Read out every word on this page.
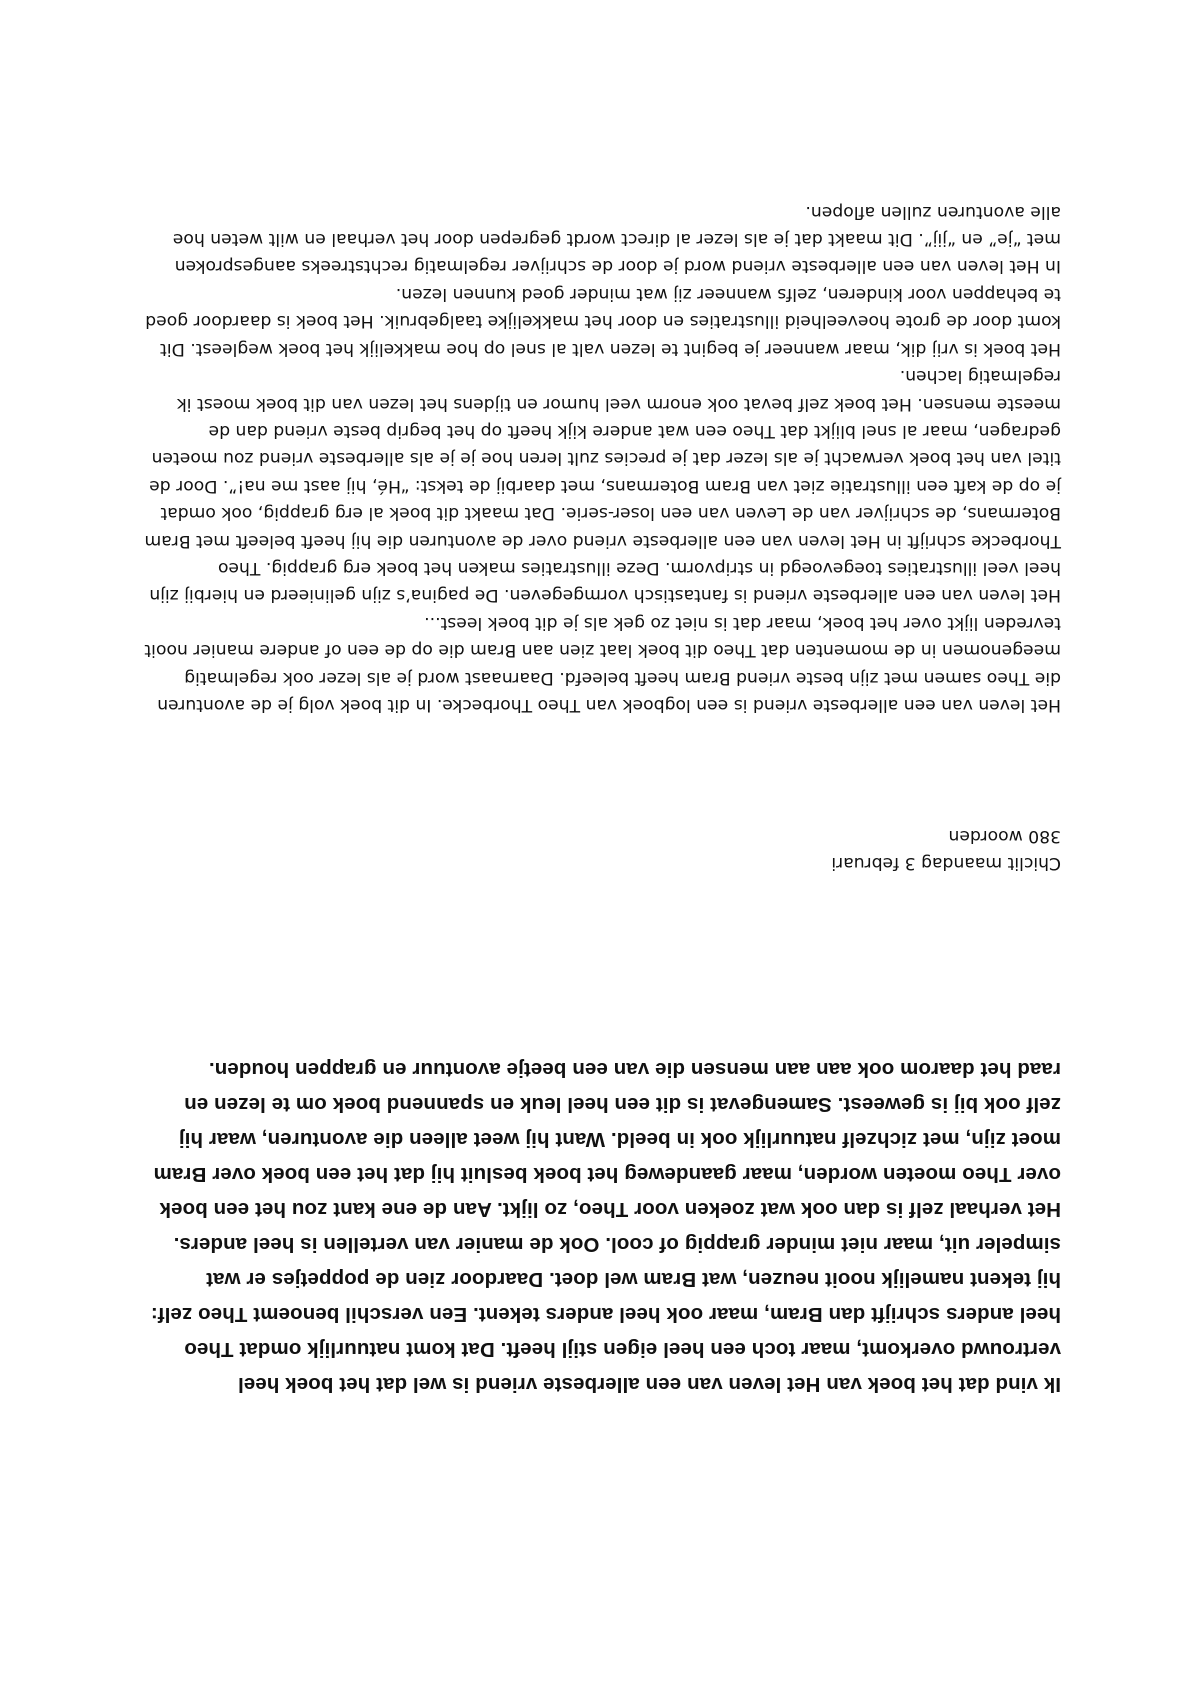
Ik vind dat het boek van Het leven van een allerbeste vriend is wel dat het boek heel vertrouwd overkomt, maar toch een heel eigen stijl heeft. Dat komt natuurlijk omdat Theo heel anders schrijft dan Bram, maar ook heel anders tekent. Een verschil benoemt Theo zelf: hij tekent namelijk nooit neuzen, wat Bram wel doet. Daardoor zien de poppetjes er wat simpeler uit, maar niet minder grappig of cool. Ook de manier van vertellen is heel anders. Het verhaal zelf is dan ook wat zoeken voor Theo, zo lijkt. Aan de ene kant zou het een boek over Theo moeten worden, maar gaandeweg het boek besluit hij dat het een boek over Bram moet zijn, met zichzelf natuurlijk ook in beeld. Want hij weet alleen die avonturen, waar hij zelf ook bij is geweest. Samengevat is dit een heel leuk en spannend boek om te lezen en raad het daarom ook aan aan mensen die van een beetje avontuur en grappen houden.

Chiclit maandag 3 februari
380 woorden

Het leven van een allerbeste vriend is een logboek van Theo Thorbecke. In dit boek volg je de avonturen die Theo samen met zijn beste vriend Bram heeft beleefd. Daarnaast word je als lezer ook regelmatig meegenomen in de momenten dat Theo dit boek laat zien aan Bram die op de een of andere manier nooit tevreden lijkt over het boek, maar dat is niet zo gek als je dit boek leest...

Het leven van een allerbeste vriend is fantastisch vormgegeven. De pagina’s zijn gelinieerd en hierbij zijn heel veel illustraties toegevoegd in stripvorm. Deze illustraties maken het boek erg grappig. Theo Thorbecke schrijft in Het leven van een allerbeste vriend over de avonturen die hij heeft beleeft met Bram Botermans, de schrijver van de Leven van een loser-serie. Dat maakt dit boek al erg grappig, ook omdat je op de kaft een illustratie ziet van Bram Botermans, met daarbij de tekst: “Hé, hij aast me na!”. Door de titel van het boek verwacht je als lezer dat je precies zult leren hoe je je als allerbeste vriend zou moeten gedragen, maar al snel blijkt dat Theo een wat andere kijk heeft op het begrip beste vriend dan de meeste mensen. Het boek zelf bevat ook enorm veel humor en tijdens het lezen van dit boek moest ik regelmatig lachen.

Het boek is vrij dik, maar wanneer je begint te lezen valt al snel op hoe makkelijk het boek wegleest. Dit komt door de grote hoeveelheid illustraties en door het makkelijke taalgebruik. Het boek is daardoor goed te behappen voor kinderen, zelfs wanneer zij wat minder goed kunnen lezen.

In Het leven van een allerbeste vriend word je door de schrijver regelmatig rechtstreeks aangesproken met “je” en “jij”. Dit maakt dat je als lezer al direct wordt gegrepen door het verhaal en wilt weten hoe alle avonturen zullen aflopen.
